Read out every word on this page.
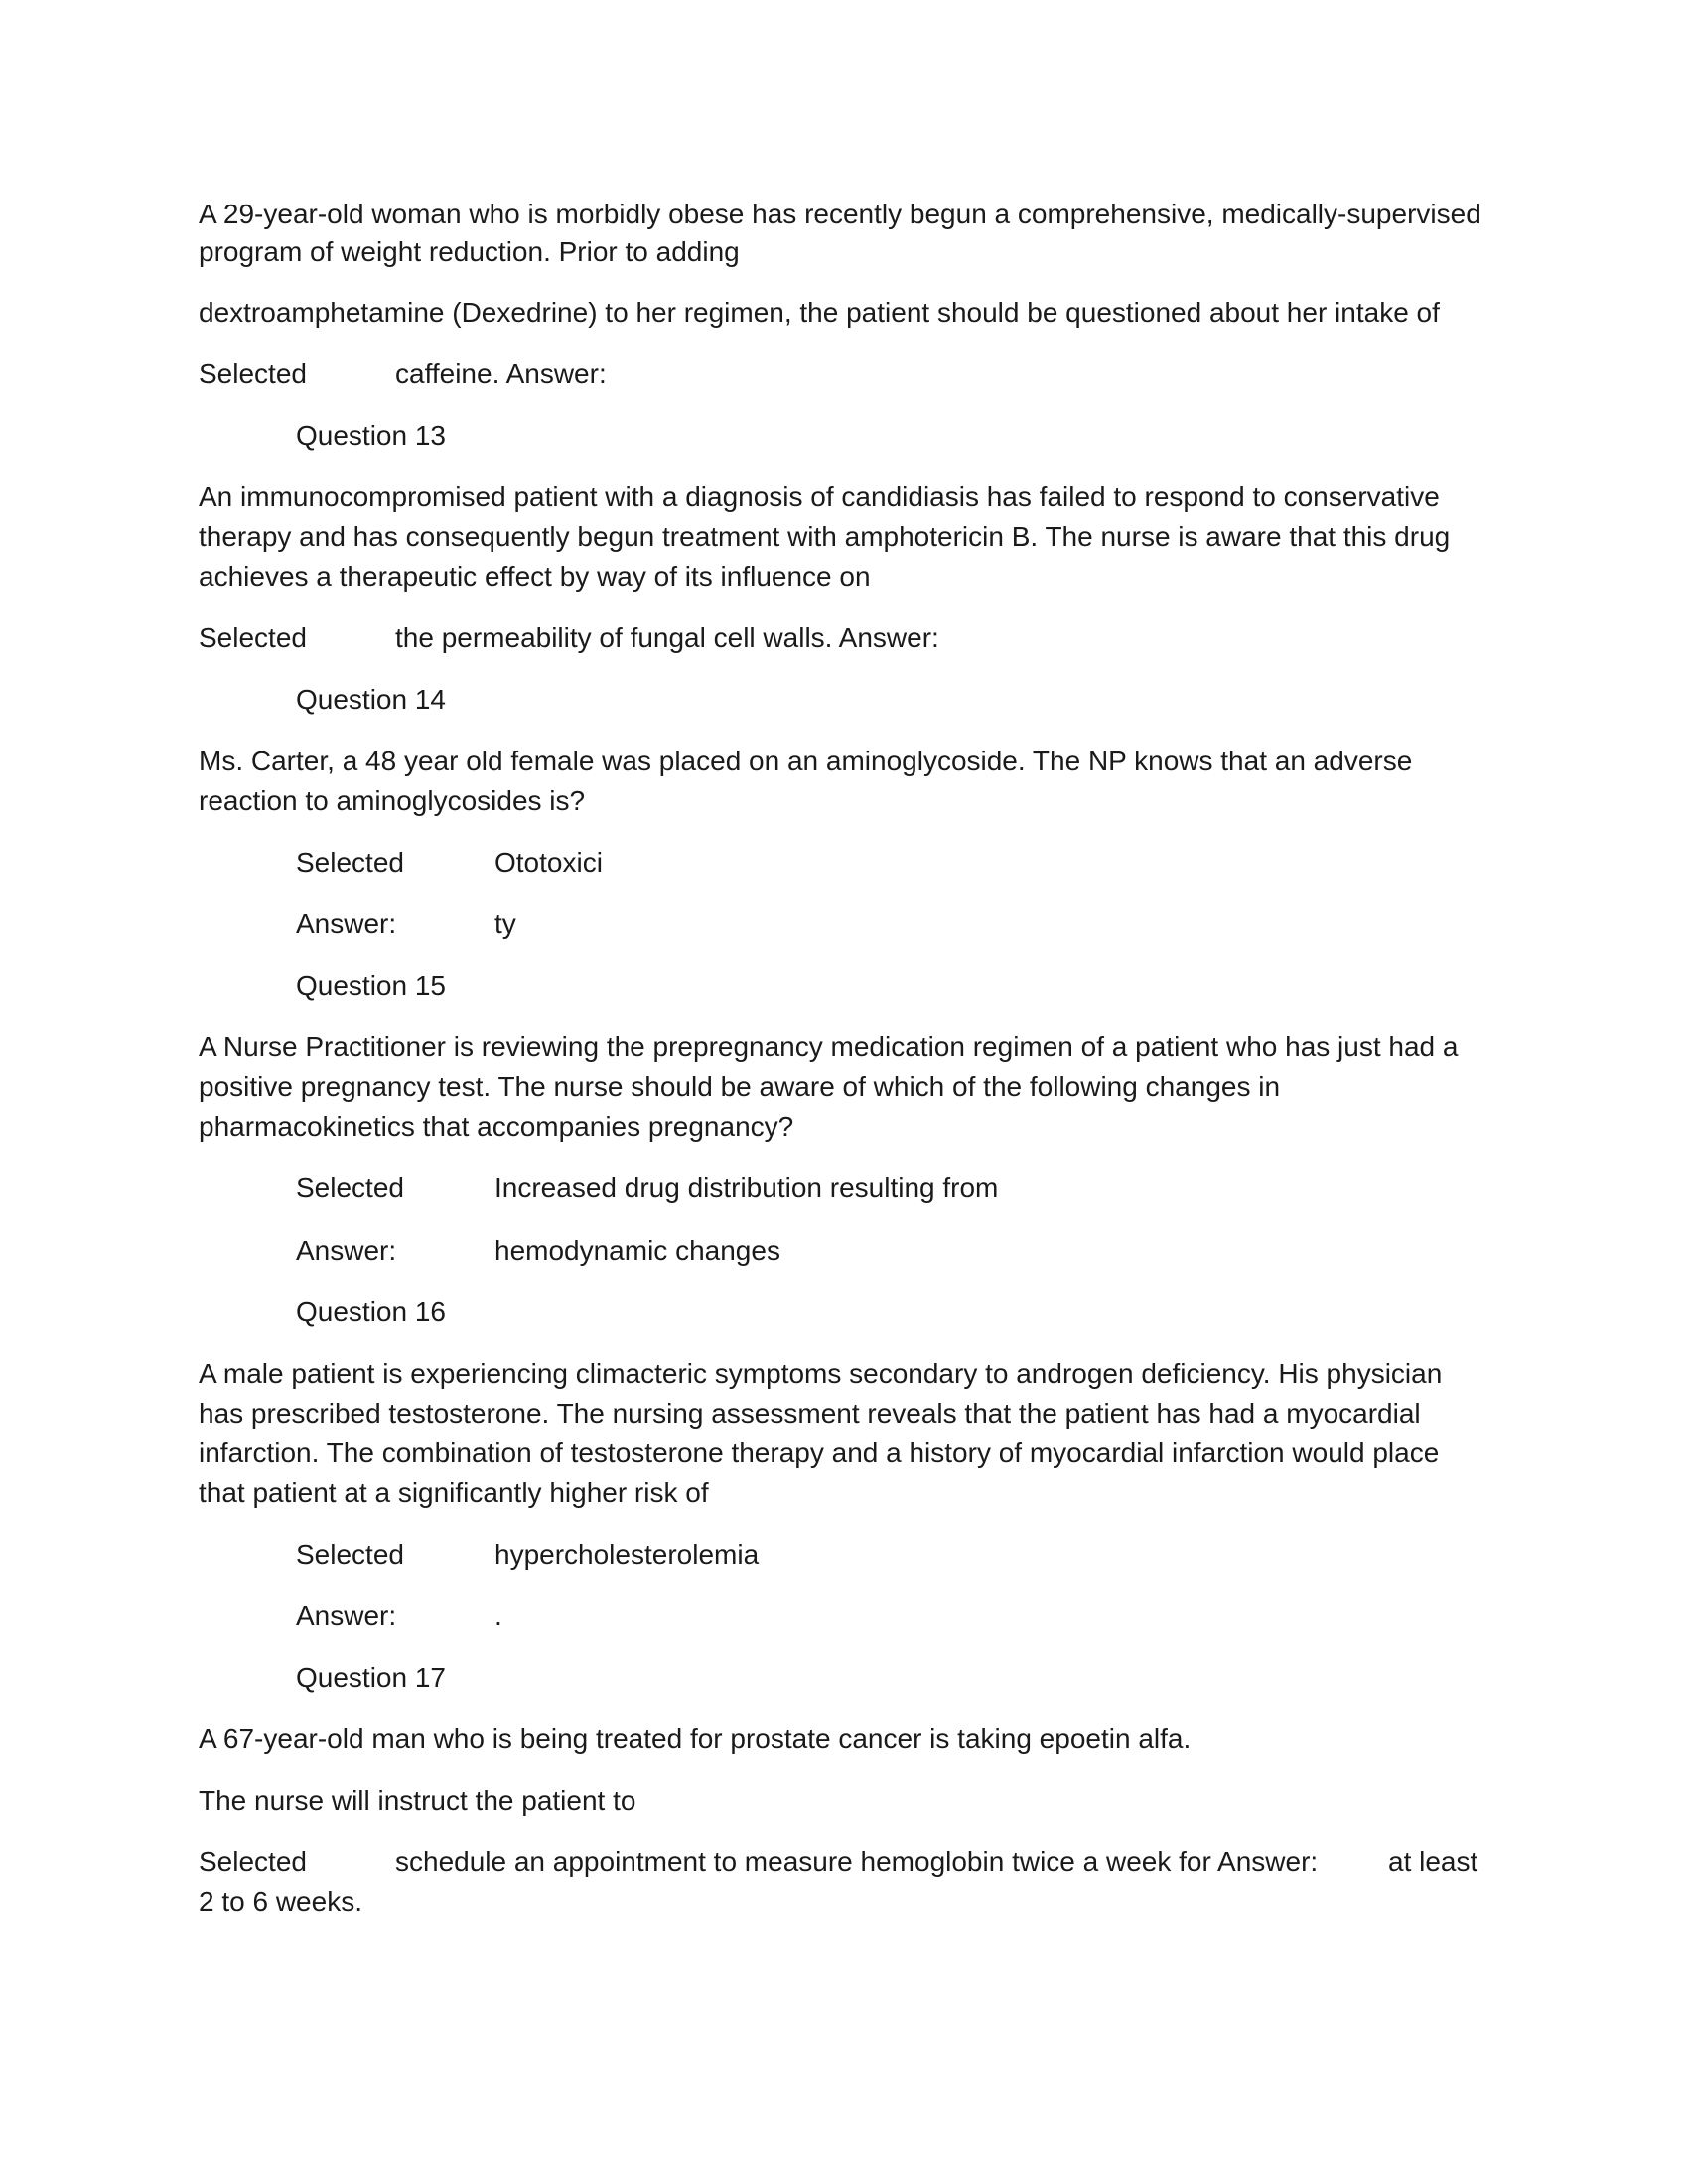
A 29-year-old woman who is morbidly obese has recently begun a comprehensive, medically-supervised

program of weight reduction. Prior to adding

dextroamphetamine (Dexedrine) to her regimen, the patient should be questioned about her intake of

Selected	caffeine. Answer:

Question 13

An immunocompromised patient with a diagnosis of candidiasis has failed to respond to conservative

therapy and has consequently begun treatment with amphotericin B. The nurse is aware that this drug

achieves a therapeutic effect by way of its influence on

Selected	the permeability of fungal cell walls. Answer:

Question 14

Ms. Carter, a 48 year old female was placed on an aminoglycoside. The NP knows that an adverse

reaction to aminoglycosides is?

Selected	Ototoxici
Answer:	ty

Question 15

A Nurse Practitioner is reviewing the prepregnancy medication regimen of a patient who has just had a

positive pregnancy test. The nurse should be aware of which of the following changes in

pharmacokinetics that accompanies pregnancy?

Selected	Increased drug distribution resulting from
Answer:	hemodynamic changes

Question 16

A male patient is experiencing climacteric symptoms secondary to androgen deficiency. His physician

has prescribed testosterone. The nursing assessment reveals that the patient has had a myocardial

infarction. The combination of testosterone therapy and a history of myocardial infarction would place

that patient at a significantly higher risk of

Selected	hypercholesterolemia
Answer:	.

Question 17

A 67-year-old man who is being treated for prostate cancer is taking epoetin alfa.

The nurse will instruct the patient to

Selected	schedule an appointment to measure hemoglobin twice a week for Answer:	at least

2 to 6 weeks.
